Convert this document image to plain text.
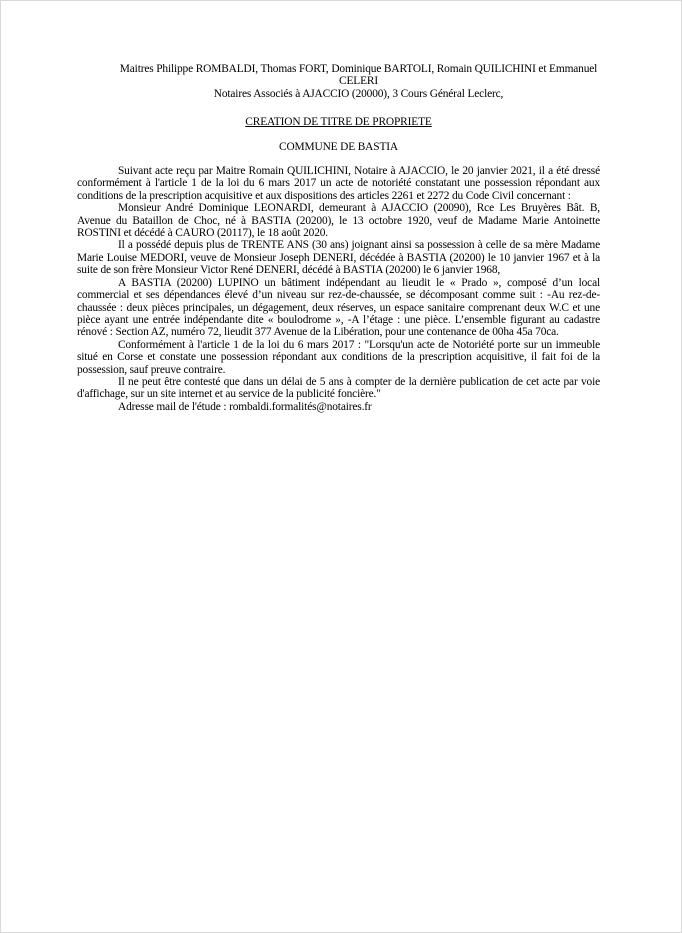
Maitres Philippe ROMBALDI, Thomas FORT, Dominique BARTOLI, Romain QUILICHINI et Emmanuel CELERI
Notaires Associés à AJACCIO (20000), 3 Cours Général Leclerc,
CREATION DE TITRE DE PROPRIETE
COMMUNE DE BASTIA

Suivant acte reçu par Maitre Romain QUILICHINI, Notaire à AJACCIO, le 20 janvier 2021, il a été dressé conformément à l'article 1 de la loi du 6 mars 2017 un acte de notoriété constatant une possession répondant aux conditions de la prescription acquisitive et aux dispositions des articles 2261 et 2272 du Code Civil concernant :

Monsieur André Dominique LEONARDI, demeurant à AJACCIO (20090), Rce Les Bruyères Bât. B, Avenue du Bataillon de Choc, né à BASTIA (20200), le 13 octobre 1920, veuf de Madame Marie Antoinette ROSTINI et décédé à CAURO (20117), le 18 août 2020.

Il a possédé depuis plus de TRENTE ANS (30 ans) joignant ainsi sa possession à celle de sa mère Madame Marie Louise MEDORI, veuve de Monsieur Joseph DENERI, décédée à BASTIA (20200) le 10 janvier 1967 et à la suite de son frère Monsieur Victor René DENERI, décédé à BASTIA (20200) le 6 janvier 1968,

A BASTIA (20200) LUPINO un bâtiment indépendant au lieudit le « Prado », composé d’un local commercial et ses dépendances élevé d’un niveau sur rez-de-chaussée, se décomposant comme suit : -Au rez-de-chaussée : deux pièces principales, un dégagement, deux réserves, un espace sanitaire comprenant deux W.C et une pièce ayant une entrée indépendante dite « boulodrome », -A l’étage : une pièce. L’ensemble figurant au cadastre rénové : Section AZ, numéro 72, lieudit 377 Avenue de la Libération, pour une contenance de 00ha 45a 70ca.

Conformément à l'article 1 de la loi du 6 mars 2017 : "Lorsqu'un acte de Notoriété porte sur un immeuble situé en Corse et constate une possession répondant aux conditions de la prescription acquisitive, il fait foi de la possession, sauf preuve contraire.

Il ne peut être contesté que dans un délai de 5 ans à compter de la dernière publication de cet acte par voie d'affichage, sur un site internet et au service de la publicité foncière."

Adresse mail de l'étude : rombaldi.formalités@notaires.fr
